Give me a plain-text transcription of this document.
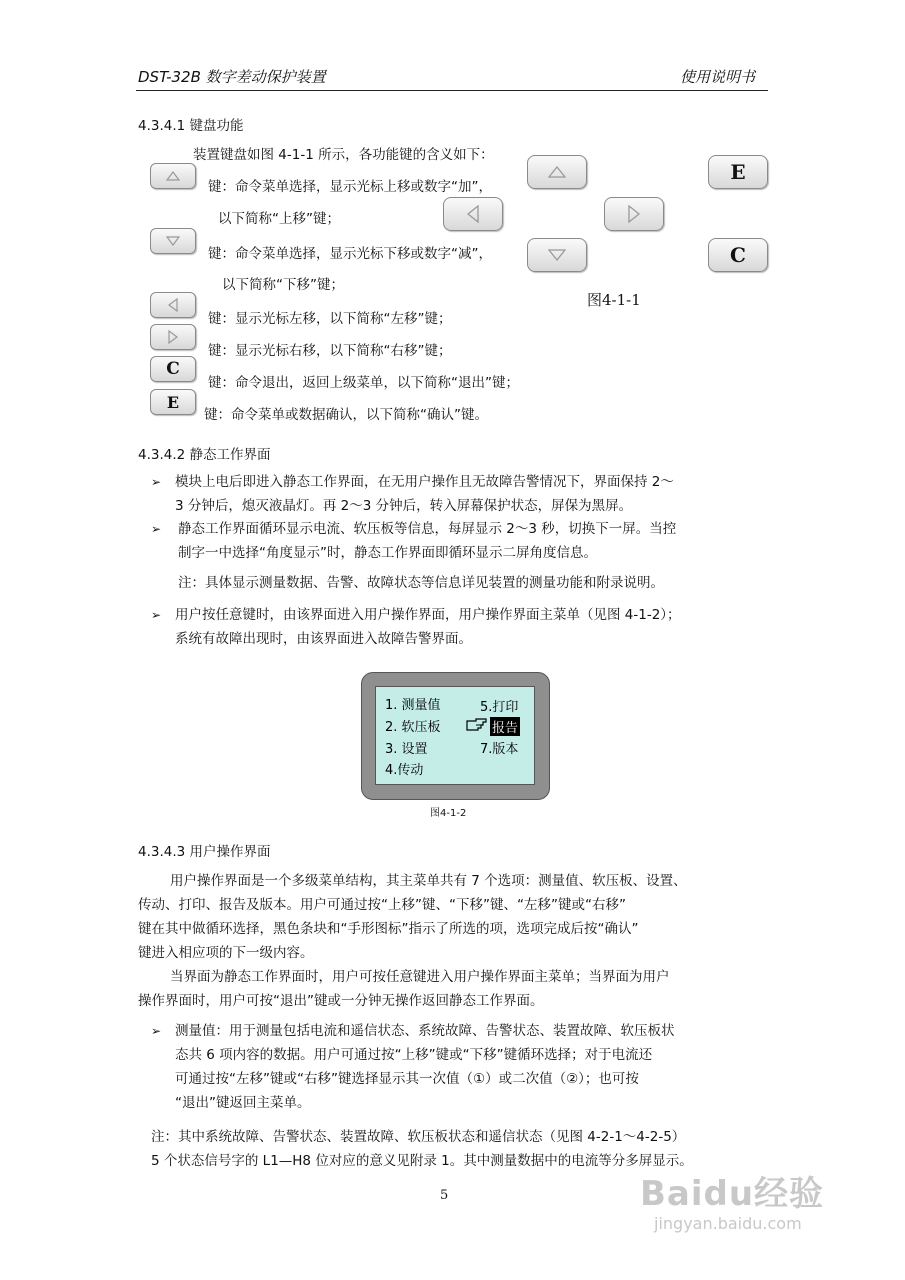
DST-32B 数字差动保护装置	使用说明书
4.3.4.1 键盘功能
装置键盘如图 4-1-1 所示，各功能键的含义如下：
键：命令菜单选择，显示光标上移或数字“加”，
以下简称“上移”键；
键：命令菜单选择，显示光标下移或数字“减”，
以下简称“下移”键；
键：显示光标左移，以下简称“左移”键；
键：显示光标右移，以下简称“右移”键；
C
键：命令退出，返回上级菜单，以下简称“退出”键；
E
键：命令菜单或数据确认，以下简称“确认”键。
E
C
图4-1-1
4.3.4.2 静态工作界面
➢ 模块上电后即进入静态工作界面，在无用户操作且无故障告警情况下，界面保持 2～
3 分钟后，熄灭液晶灯。再 2～3 分钟后，转入屏幕保护状态，屏保为黑屏。
➢ 静态工作界面循环显示电流、软压板等信息，每屏显示 2～3 秒，切换下一屏。当控
制字一中选择“角度显示”时，静态工作界面即循环显示二屏角度信息。
注：具体显示测量数据、告警、故障状态等信息详见装置的测量功能和附录说明。
➢ 用户按任意键时，由该界面进入用户操作界面，用户操作界面主菜单（见图 4-1-2）；
系统有故障出现时，由该界面进入故障告警界面。
1. 测量值
2. 软压板
3. 设置
4.传动
5.打印
报告
7.版本
图4-1-2
4.3.4.3 用户操作界面
用户操作界面是一个多级菜单结构，其主菜单共有 7 个选项：测量值、软压板、设置、
传动、打印、报告及版本。用户可通过按“上移”键、“下移”键、“左移”键或“右移”
键在其中做循环选择，黑色条块和“手形图标”指示了所选的项，选项完成后按“确认”
键进入相应项的下一级内容。
当界面为静态工作界面时，用户可按任意键进入用户操作界面主菜单；当界面为用户
操作界面时，用户可按“退出”键或一分钟无操作返回静态工作界面。
➢ 测量值：用于测量包括电流和遥信状态、系统故障、告警状态、装置故障、软压板状
态共 6 项内容的数据。用户可通过按“上移”键或“下移”键循环选择；对于电流还
可通过按“左移”键或“右移”键选择显示其一次值（①）或二次值（②）；也可按
“退出”键返回主菜单。
注：其中系统故障、告警状态、装置故障、软压板状态和遥信状态（见图 4-2-1～4-2-5）
5 个状态信号字的 L1—H8 位对应的意义见附录 1。其中测量数据中的电流等分多屏显示。
5	Baidu经验
jingyan.baidu.com
